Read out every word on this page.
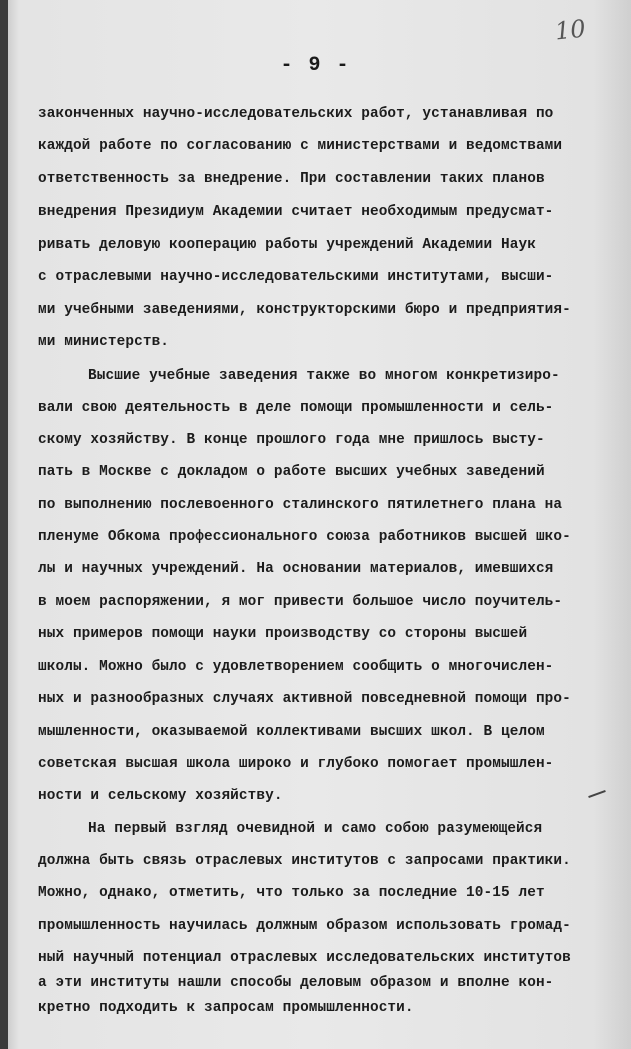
10
- 9 -
законченных научно-исследовательских работ, устанавливая по
каждой работе по согласованию с министерствами и ведомствами
ответственность за внедрение. При составлении таких планов
внедрения Президиум Академии считает необходимым предусмат-
ривать деловую кооперацию работы учреждений Академии Наук
с отраслевыми научно-исследовательскими институтами, высши-
ми учебными заведениями, конструкторскими бюро и предприятия-
ми министерств.
Высшие учебные заведения также во многом конкретизиро-
вали свою деятельность в деле помощи промышленности и сель-
скому хозяйству. В конце прошлого года мне пришлось высту-
пать в Москве с докладом о работе высших учебных заведений
по выполнению послевоенного сталинского пятилетнего плана на
пленуме Обкома профессионального союза работников высшей шко-
лы и научных учреждений. На основании материалов, имевшихся
в моем распоряжении, я мог привести большое число поучитель-
ных примеров помощи науки производству со стороны высшей
школы. Можно было с удовлетворением сообщить о многочислен-
ных и разнообразных случаях активной повседневной помощи про-
мышленности, оказываемой коллективами высших школ. В целом
советская высшая школа широко и глубоко помогает промышлен-
ности и сельскому хозяйству.
На первый взгляд очевидной и само собою разумеющейся
должна быть связь отраслевых институтов с запросами практики.
Можно, однако, отметить, что только за последние 10-15 лет
промышленность научилась должным образом использовать громад-
ный научный потенциал отраслевых исследовательских институтов
а эти институты нашли способы деловым образом и вполне кон-
кретно подходить к запросам промышленности.
